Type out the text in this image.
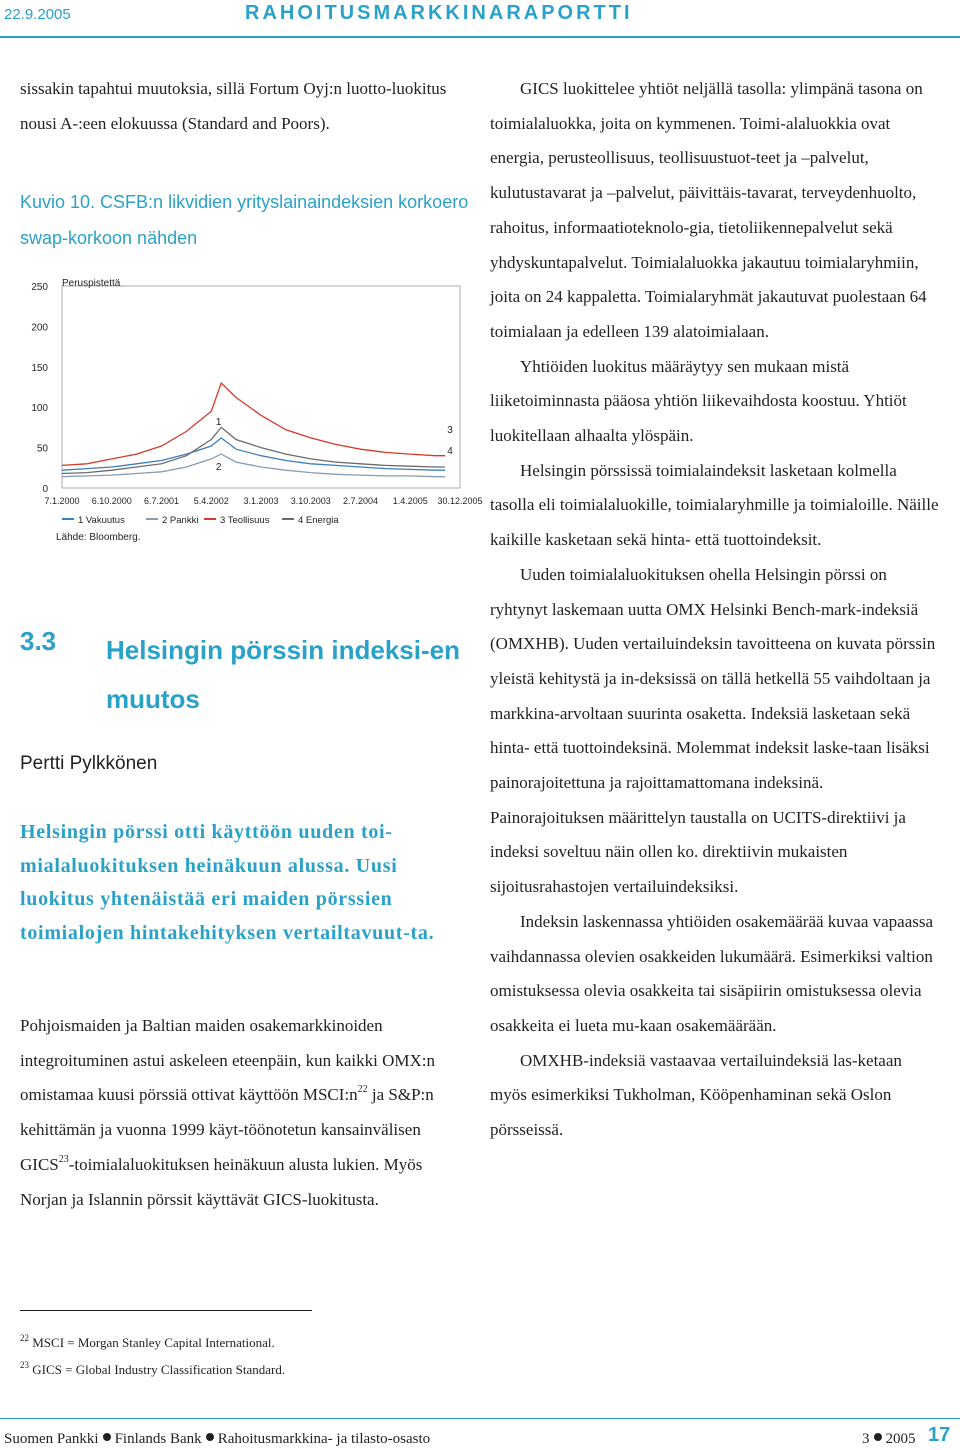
22.9.2005	RAHOITUSMARKKINARAPORTTI
sissakin tapahtui muutoksia, sillä Fortum Oyj:n luotto-luokitus nousi A-:een elokuussa (Standard and Poors).
Kuvio 10. CSFB:n likvidien yrityslainaindeksien korkoero swap-korkoon nähden
0
50
100
150
200
250
7.1.2000 6.10.2000 6.7.2001 5.4.2002 3.1.2003 3.10.2003 2.7.2004 1.4.2005 30.12.2005
1
2
3
4
1 Vakuutus	2 Pankki 3 Teollisuus	4 Energia
Peruspistettä
Lähde: Bloomberg.
3.3 Helsingin pörssin indeksi-en muutos
Pertti Pylkkönen
Helsingin pörssi otti käyttöön uuden toi-mialaluokituksen heinäkuun alussa. Uusi luokitus yhtenäistää eri maiden pörssien toimialojen hintakehityksen vertailtavuut-ta.
Pohjoismaiden ja Baltian maiden osakemarkkinoiden integroituminen astui askeleen eteenpäin, kun kaikki OMX:n omistamaa kuusi pörssiä ottivat käyttöön $MSCI:n^{22}$ ja S&P:n kehittämän ja vuonna 1999 käyt-töönotetun kansainvälisen GICS$^{23}$-toimialaluokituksen heinäkuun alusta lukien. Myös Norjan ja Islannin pörssit käyttävät GICS-luokitusta.
$^{22}$ MSCI = Morgan Stanley Capital International.
$^{23}$ GICS = Global Industry Classification Standard.

GICS luokittelee yhtiöt neljällä tasolla: ylimpänä tasona on toimialaluokka, joita on kymmenen. Toimi-alaluokkia ovat energia, perusteollisuus, teollisuustuot-teet ja –palvelut, kulutustavarat ja –palvelut, päivittäis-tavarat, terveydenhuolto, rahoitus, informaatioteknolo-gia, tietoliikennepalvelut sekä yhdyskuntapalvelut. Toimialaluokka jakautuu toimialaryhmiin, joita on 24 kappaletta. Toimialaryhmät jakautuvat puolestaan 64 toimialaan ja edelleen 139 alatoimialaan.

Yhtiöiden luokitus määräytyy sen mukaan mistä liiketoiminnasta pääosa yhtiön liikevaihdosta koostuu. Yhtiöt luokitellaan alhaalta ylöspäin.

Helsingin pörssissä toimialaindeksit lasketaan kolmella tasolla eli toimialaluokille, toimialaryhmille ja toimialoille. Näille kaikille kasketaan sekä hinta- että tuottoindeksit.

Uuden toimialaluokituksen ohella Helsingin pörssi on ryhtynyt laskemaan uutta OMX Helsinki Bench-mark-indeksiä (OMXHB). Uuden vertailuindeksin tavoitteena on kuvata pörssin yleistä kehitystä ja in-deksissä on tällä hetkellä 55 vaihdoltaan ja markkina-arvoltaan suurinta osaketta. Indeksiä lasketaan sekä hinta- että tuottoindeksinä. Molemmat indeksit laske-taan lisäksi painorajoitettuna ja rajoittamattomana indeksinä. Painorajoituksen määrittelyn taustalla on UCITS-direktiivi ja indeksi soveltuu näin ollen ko. direktiivin mukaisten sijoitusrahastojen vertailuindeksiksi.

Indeksin laskennassa yhtiöiden osakemäärää kuvaa vapaassa vaihdannassa olevien osakkeiden lukumäärä. Esimerkiksi valtion omistuksessa olevia osakkeita tai sisäpiirin omistuksessa olevia osakkeita ei lueta mu-kaan osakemäärään.

OMXHB-indeksiä vastaavaa vertailuindeksiä las-ketaan myös esimerkiksi Tukholman, Kööpenhaminan sekä Oslon pörsseissä.

Suomen Pankki Finlands Bank Rahoitusmarkkina- ja tilasto-osasto	3 2005 17
